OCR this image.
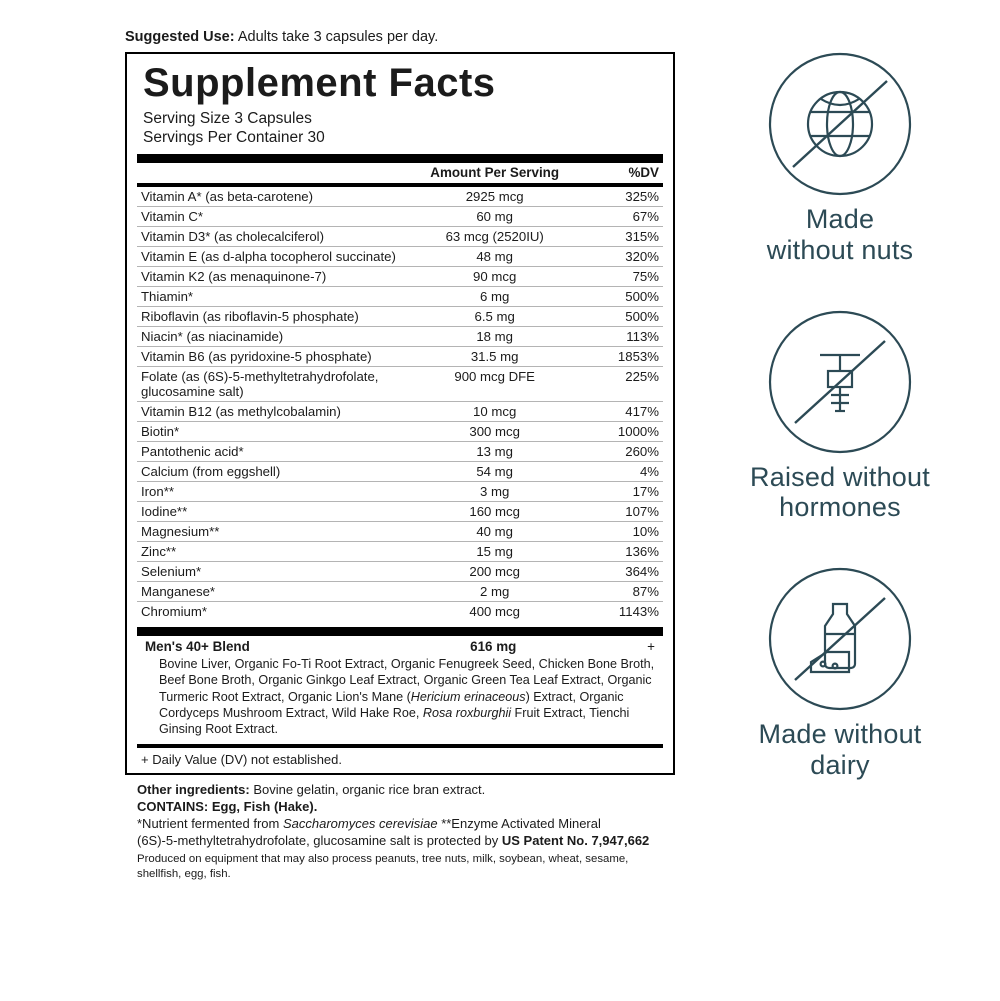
Suggested Use: Adults take 3 capsules per day.
Supplement Facts
Serving Size 3 Capsules
Servings Per Container 30
	Amount Per Serving	%DV
Vitamin A* (as beta-carotene)	2925 mcg	325%
Vitamin C*	60 mg	67%
Vitamin D3* (as cholecalciferol)	63 mcg (2520IU)	315%
Vitamin E (as d-alpha tocopherol succinate)	48 mg	320%
Vitamin K2 (as menaquinone-7)	90 mcg	75%
Thiamin*	6 mg	500%
Riboflavin (as riboflavin-5 phosphate)	6.5 mg	500%
Niacin* (as niacinamide)	18 mg	113%
Vitamin B6 (as pyridoxine-5 phosphate)	31.5 mg	1853%
Folate (as (6S)-5-methyltetrahydrofolate, glucosamine salt)	900 mcg DFE	225%
Vitamin B12 (as methylcobalamin)	10 mcg	417%
Biotin*	300 mcg	1000%
Pantothenic acid*	13 mg	260%
Calcium (from eggshell)	54 mg	4%
Iron**	3 mg	17%
Iodine**	160 mcg	107%
Magnesium**	40 mg	10%
Zinc**	15 mg	136%
Selenium*	200 mcg	364%
Manganese*	2 mg	87%
Chromium*	400 mcg	1143%
Men's 40+ Blend	616 mg	+
Bovine Liver, Organic Fo-Ti Root Extract, Organic Fenugreek Seed, Chicken Bone Broth, Beef Bone Broth, Organic Ginkgo Leaf Extract, Organic Green Tea Leaf Extract, Organic Turmeric Root Extract, Organic Lion's Mane (Hericium erinaceous) Extract, Organic Cordyceps Mushroom Extract, Wild Hake Roe, Rosa roxburghii Fruit Extract, Tienchi Ginsing Root Extract.
+ Daily Value (DV) not established.
Other ingredients: Bovine gelatin, organic rice bran extract.
CONTAINS: Egg, Fish (Hake).
*Nutrient fermented from Saccharomyces cerevisiae **Enzyme Activated Mineral
(6S)-5-methyltetrahydrofolate, glucosamine salt is protected by US Patent No. 7,947,662
Produced on equipment that may also process peanuts, tree nuts, milk, soybean, wheat, sesame, shellfish, egg, fish.
Made
without nuts
Raised without
hormones
Made without
dairy
